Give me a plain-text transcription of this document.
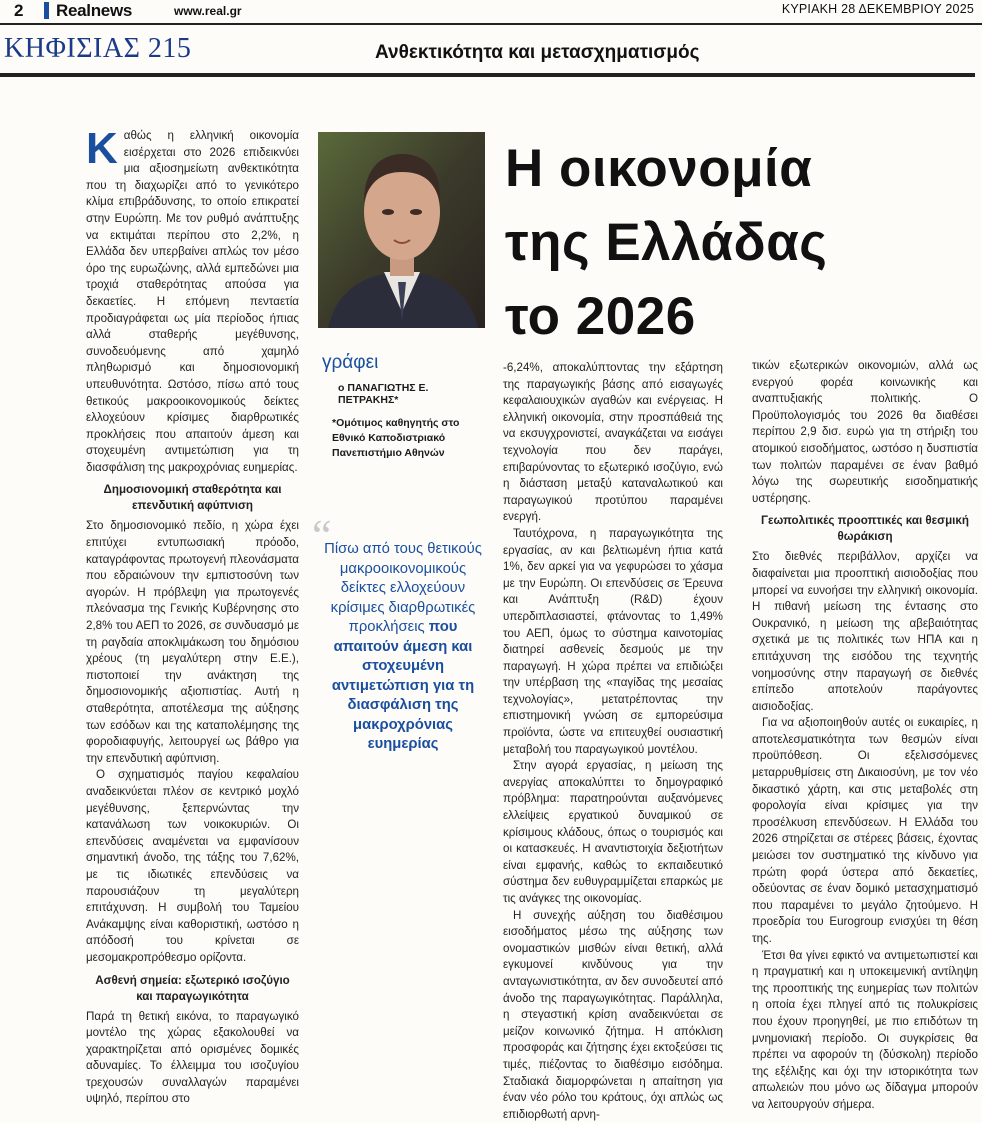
2 Realnews	www.real.gr	ΚΥΡΙΑΚΗ 28 ΔΕΚΕΜΒΡΙΟΥ 2025
ΚΗΦΙΣΙΑΣ 215	Ανθεκτικότητα και μετασχηματισμός

Καθώς η ελληνική οικονομία εισέρχεται στο 2026 επιδεικνύει μια αξιοσημείωτη ανθεκτικότητα που τη διαχωρίζει από το γενικότερο κλίμα επιβράδυνσης, το οποίο επικρατεί στην Ευρώπη. Με τον ρυθμό ανάπτυξης να εκτιμάται περίπου στο 2,2%, η Ελλάδα δεν υπερβαίνει απλώς τον μέσο όρο της ευρωζώνης, αλλά εμπεδώνει μια τροχιά σταθερότητας απούσα για δεκαετίες. Η επόμενη πενταετία προδιαγράφεται ως μία περίοδος ήπιας αλλά σταθερής μεγέθυνσης, συνοδευόμενης από χαμηλό πληθωρισμό και δημοσιονομική υπευθυνότητα. Ωστόσο, πίσω από τους θετικούς μακροοικονομικούς δείκτες ελλοχεύουν κρίσιμες διαρθρωτικές προκλήσεις που απαιτούν άμεση και στοχευμένη αντιμετώπιση για τη διασφάλιση της μακροχρόνιας ευημερίας.

Δημοσιονομική σταθερότητα και επενδυτική αφύπνιση

Στο δημοσιονομικό πεδίο, η χώρα έχει επιτύχει εντυπωσιακή πρόοδο, καταγράφοντας πρωτογενή πλεονάσματα που εδραιώνουν την εμπιστοσύνη των αγορών. Η πρόβλεψη για πρωτογενές πλεόνασμα της Γενικής Κυβέρνησης στο 2,8% του ΑΕΠ το 2026, σε συνδυασμό με τη ραγδαία αποκλιμάκωση του δημόσιου χρέους (τη μεγαλύτερη στην Ε.Ε.), πιστοποιεί την ανάκτηση της δημοσιονομικής αξιοπιστίας. Αυτή η σταθερότητα, αποτέλεσμα της αύξησης των εσόδων και της καταπολέμησης της φοροδιαφυγής, λειτουργεί ως βάθρο για την επενδυτική αφύπνιση.

Ο σχηματισμός παγίου κεφαλαίου αναδεικνύεται πλέον σε κεντρικό μοχλό μεγέθυνσης, ξεπερνώντας την κατανάλωση των νοικοκυριών. Οι επενδύσεις αναμένεται να εμφανίσουν σημαντική άνοδο, της τάξης του 7,62%, με τις ιδιωτικές επενδύσεις να παρουσιάζουν τη μεγαλύτερη επιτάχυνση. Η συμβολή του Ταμείου Ανάκαμψης είναι καθοριστική, ωστόσο η απόδοσή του κρίνεται σε μεσομακροπρόθεσμο ορίζοντα.

Ασθενή σημεία: εξωτερικό ισοζύγιο και παραγωγικότητα

Παρά τη θετική εικόνα, το παραγωγικό μοντέλο της χώρας εξακολουθεί να χαρακτηρίζεται από ορισμένες δομικές αδυναμίες. Το έλλειμμα του ισοζυγίου τρεχουσών συναλλαγών παραμένει υψηλό, περίπου στο

γράφει
ο ΠΑΝΑΓΙΩΤΗΣ Ε. ΠΕΤΡΑΚΗΣ*
*Ομότιμος καθηγητής στο Εθνικό Καποδιστριακό Πανεπιστήμιο Αθηνών
Η οικονομία
της Ελλάδας
το 2026
“
Πίσω από τους θετικούς μακροοικονομικούς δείκτες ελλοχεύουν κρίσιμες διαρθρωτικές προκλήσεις που απαιτούν άμεση και στοχευμένη αντιμετώπιση για τη διασφάλιση της μακροχρόνιας ευημερίας

-6,24%, αποκαλύπτοντας την εξάρτηση της παραγωγικής βάσης από εισαγωγές κεφαλαιουχικών αγαθών και ενέργειας. Η ελληνική οικονομία, στην προσπάθειά της να εκσυγχρονιστεί, αναγκάζεται να εισάγει τεχνολογία που δεν παράγει, επιβαρύνοντας το εξωτερικό ισοζύγιο, ενώ η διάσταση μεταξύ καταναλωτικού και παραγωγικού προτύπου παραμένει ενεργή.

Ταυτόχρονα, η παραγωγικότητα της εργασίας, αν και βελτιωμένη ήπια κατά 1%, δεν αρκεί για να γεφυρώσει το χάσμα με την Ευρώπη. Οι επενδύσεις σε Έρευνα και Ανάπτυξη (R&D) έχουν υπερδιπλασιαστεί, φτάνοντας το 1,49% του ΑΕΠ, όμως το σύστημα καινοτομίας διατηρεί ασθενείς δεσμούς με την παραγωγή. Η χώρα πρέπει να επιδιώξει την υπέρβαση της «παγίδας της μεσαίας τεχνολογίας», μετατρέποντας την επιστημονική γνώση σε εμπορεύσιμα προϊόντα, ώστε να επιτευχθεί ουσιαστική μεταβολή του παραγωγικού μοντέλου.

Στην αγορά εργασίας, η μείωση της ανεργίας αποκαλύπτει το δημογραφικό πρόβλημα: παρατηρούνται αυξανόμενες ελλείψεις εργατικού δυναμικού σε κρίσιμους κλάδους, όπως ο τουρισμός και οι κατασκευές. Η αναντιστοιχία δεξιοτήτων είναι εμφανής, καθώς το εκπαιδευτικό σύστημα δεν ευθυγραμμίζεται επαρκώς με τις ανάγκες της οικονομίας.

Η συνεχής αύξηση του διαθέσιμου εισοδήματος μέσω της αύξησης των ονομαστικών μισθών είναι θετική, αλλά εγκυμονεί κινδύνους για την ανταγωνιστικότητα, αν δεν συνοδευτεί από άνοδο της παραγωγικότητας. Παράλληλα, η στεγαστική κρίση αναδεικνύεται σε μείζον κοινωνικό ζήτημα. Η απόκλιση προσφοράς και ζήτησης έχει εκτοξεύσει τις τιμές, πιέζοντας το διαθέσιμο εισόδημα. Σταδιακά διαμορφώνεται η απαίτηση για έναν νέο ρόλο του κράτους, όχι απλώς ως επιδιορθωτή αρνη-

τικών εξωτερικών οικονομιών, αλλά ως ενεργού φορέα κοινωνικής και αναπτυξιακής πολιτικής. Ο Προϋπολογισμός του 2026 θα διαθέσει περίπου 2,9 δισ. ευρώ για τη στήριξη του ατομικού εισοδήματος, ωστόσο η δυσπιστία των πολιτών παραμένει σε έναν βαθμό λόγω της σωρευτικής εισοδηματικής υστέρησης.

Γεωπολιτικές προοπτικές και θεσμική θωράκιση

Στο διεθνές περιβάλλον, αρχίζει να διαφαίνεται μια προοπτική αισιοδοξίας που μπορεί να ευνοήσει την ελληνική οικονομία. Η πιθανή μείωση της έντασης στο Ουκρανικό, η μείωση της αβεβαιότητας σχετικά με τις πολιτικές των ΗΠΑ και η επιτάχυνση της εισόδου της τεχνητής νοημοσύνης στην παραγωγή σε διεθνές επίπεδο αποτελούν παράγοντες αισιοδοξίας.

Για να αξιοποιηθούν αυτές οι ευκαιρίες, η αποτελεσματικότητα των θεσμών είναι προϋπόθεση. Οι εξελισσόμενες μεταρρυθμίσεις στη Δικαιοσύνη, με τον νέο δικαστικό χάρτη, και στις μεταβολές στη φορολογία είναι κρίσιμες για την προσέλκυση επενδύσεων. Η Ελλάδα του 2026 στηρίζεται σε στέρεες βάσεις, έχοντας μειώσει τον συστηματικό της κίνδυνο για πρώτη φορά ύστερα από δεκαετίες, οδεύοντας σε έναν δομικό μετασχηματισμό που παραμένει το μεγάλο ζητούμενο. Η προεδρία του Eurogroup ενισχύει τη θέση της.

Έτσι θα γίνει εφικτό να αντιμετωπιστεί και η πραγματική και η υποκειμενική αντίληψη της προοπτικής της ευημερίας των πολιτών η οποία έχει πληγεί από τις πολυκρίσεις που έχουν προηγηθεί, με πιο επιδότων τη μνημονιακή περίοδο. Οι συγκρίσεις θα πρέπει να αφορούν τη (δύσκολη) περίοδο της εξέλιξης και όχι την ιστορικότητα των απωλειών που μόνο ως δίδαγμα μπορούν να λειτουργούν σήμερα.
